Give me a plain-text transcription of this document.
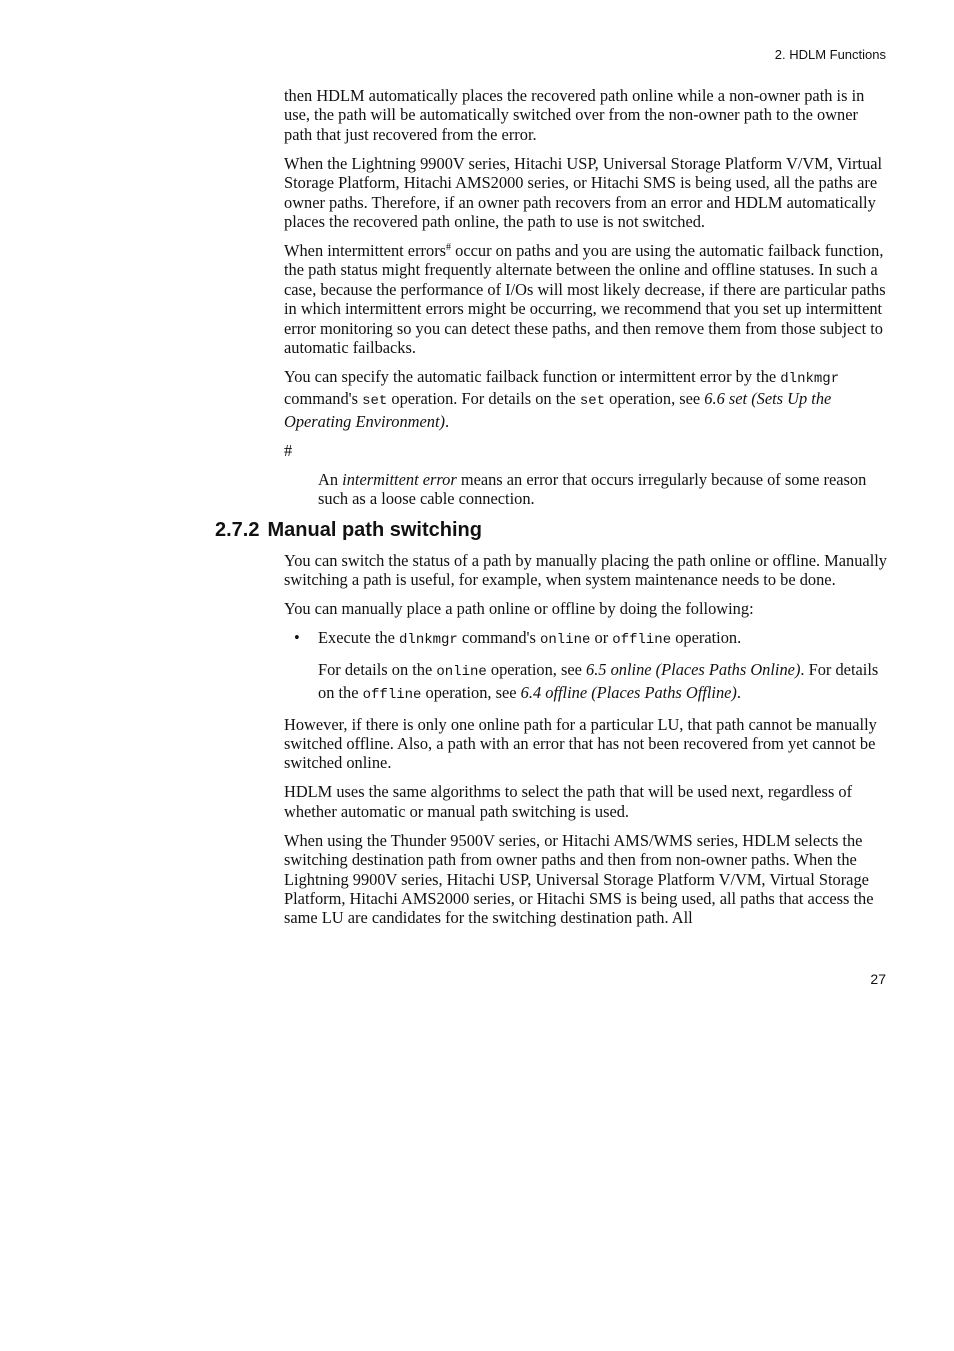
2. HDLM Functions

then HDLM automatically places the recovered path online while a non-owner path is in use, the path will be automatically switched over from the non-owner path to the owner path that just recovered from the error.

When the Lightning 9900V series, Hitachi USP, Universal Storage Platform V/VM, Virtual Storage Platform, Hitachi AMS2000 series, or Hitachi SMS is being used, all the paths are owner paths. Therefore, if an owner path recovers from an error and HDLM automatically places the recovered path online, the path to use is not switched.

When intermittent errors# occur on paths and you are using the automatic failback function, the path status might frequently alternate between the online and offline statuses. In such a case, because the performance of I/Os will most likely decrease, if there are particular paths in which intermittent errors might be occurring, we recommend that you set up intermittent error monitoring so you can detect these paths, and then remove them from those subject to automatic failbacks.

You can specify the automatic failback function or intermittent error by the dlnkmgr command's set operation. For details on the set operation, see 6.6 set (Sets Up the Operating Environment).

#

An intermittent error means an error that occurs irregularly because of some reason such as a loose cable connection.

2.7.2 Manual path switching

You can switch the status of a path by manually placing the path online or offline. Manually switching a path is useful, for example, when system maintenance needs to be done.

You can manually place a path online or offline by doing the following:

• Execute the dlnkmgr command's online or offline operation.

For details on the online operation, see 6.5 online (Places Paths Online). For details on the offline operation, see 6.4 offline (Places Paths Offline).

However, if there is only one online path for a particular LU, that path cannot be manually switched offline. Also, a path with an error that has not been recovered from yet cannot be switched online.

HDLM uses the same algorithms to select the path that will be used next, regardless of whether automatic or manual path switching is used.

When using the Thunder 9500V series, or Hitachi AMS/WMS series, HDLM selects the switching destination path from owner paths and then from non-owner paths. When the Lightning 9900V series, Hitachi USP, Universal Storage Platform V/VM, Virtual Storage Platform, Hitachi AMS2000 series, or Hitachi SMS is being used, all paths that access the same LU are candidates for the switching destination path. All

27
